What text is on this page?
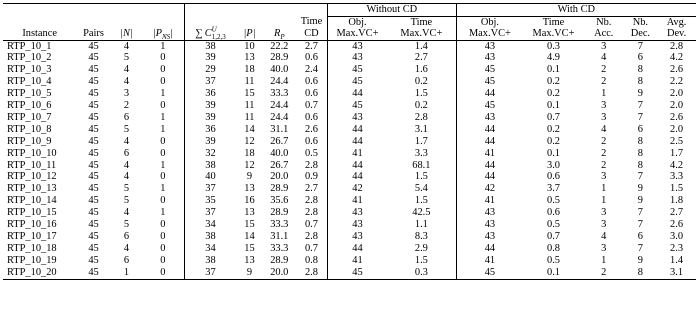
								Without CD		With CD				
							Time	Obj.	Time	Obj.	Time	Nb.	Nb.	Avg.
Instance	Pairs	|N|	$|P_{NS}|$	∑  $C^U_{1,2,3}$	|P|	$R_P$	CD	Max.VC+	Max.VC+	Max.VC+	Max.VC+	Acc.	Dec.	Dev.
RTP_10_1	45	4	1	38	10	22.2	2.7	43	1.4	43	0.3	3	7	2.8
RTP_10_2	45	5	0	39	13	28.9	0.6	43	2.7	43	4.9	4	6	4.2
RTP_10_3	45	4	0	29	18	40.0	2.4	45	1.6	45	0.1	2	8	2.6
RTP_10_4	45	4	0	37	11	24.4	0.6	45	0.2	45	0.2	2	8	2.2
RTP_10_5	45	3	1	36	15	33.3	0.6	44	1.5	44	0.2	1	9	2.0
RTP_10_6	45	2	0	39	11	24.4	0.7	45	0.2	45	0.1	3	7	2.0
RTP_10_7	45	6	1	39	11	24.4	0.6	43	2.8	43	0.7	3	7	2.6
RTP_10_8	45	5	1	36	14	31.1	2.6	44	3.1	44	0.2	4	6	2.0
RTP_10_9	45	4	0	39	12	26.7	0.6	44	1.7	44	0.2	2	8	2.5
RTP_10_10	45	6	0	32	18	40.0	0.5	41	3.3	41	0.1	2	8	1.7
RTP_10_11	45	4	1	38	12	26.7	2.8	44	68.1	44	3.0	2	8	4.2
RTP_10_12	45	4	0	40	9	20.0	0.9	44	1.5	44	0.6	3	7	3.3
RTP_10_13	45	5	1	37	13	28.9	2.7	42	5.4	42	3.7	1	9	1.5
RTP_10_14	45	5	0	35	16	35.6	2.8	41	1.5	41	0.5	1	9	1.8
RTP_10_15	45	4	1	37	13	28.9	2.8	43	42.5	43	0.6	3	7	2.7
RTP_10_16	45	5	0	34	15	33.3	0.7	43	1.1	43	0.5	3	7	2.6
RTP_10_17	45	6	0	38	14	31.1	2.8	43	8.3	43	0.7	4	6	3.0
RTP_10_18	45	4	0	34	15	33.3	0.7	44	2.9	44	0.8	3	7	2.3
RTP_10_19	45	6	0	38	13	28.9	0.8	41	1.5	41	0.5	1	9	1.4
RTP_10_20	45	1	0	37	9	20.0	2.8	45	0.3	45	0.1	2	8	3.1
